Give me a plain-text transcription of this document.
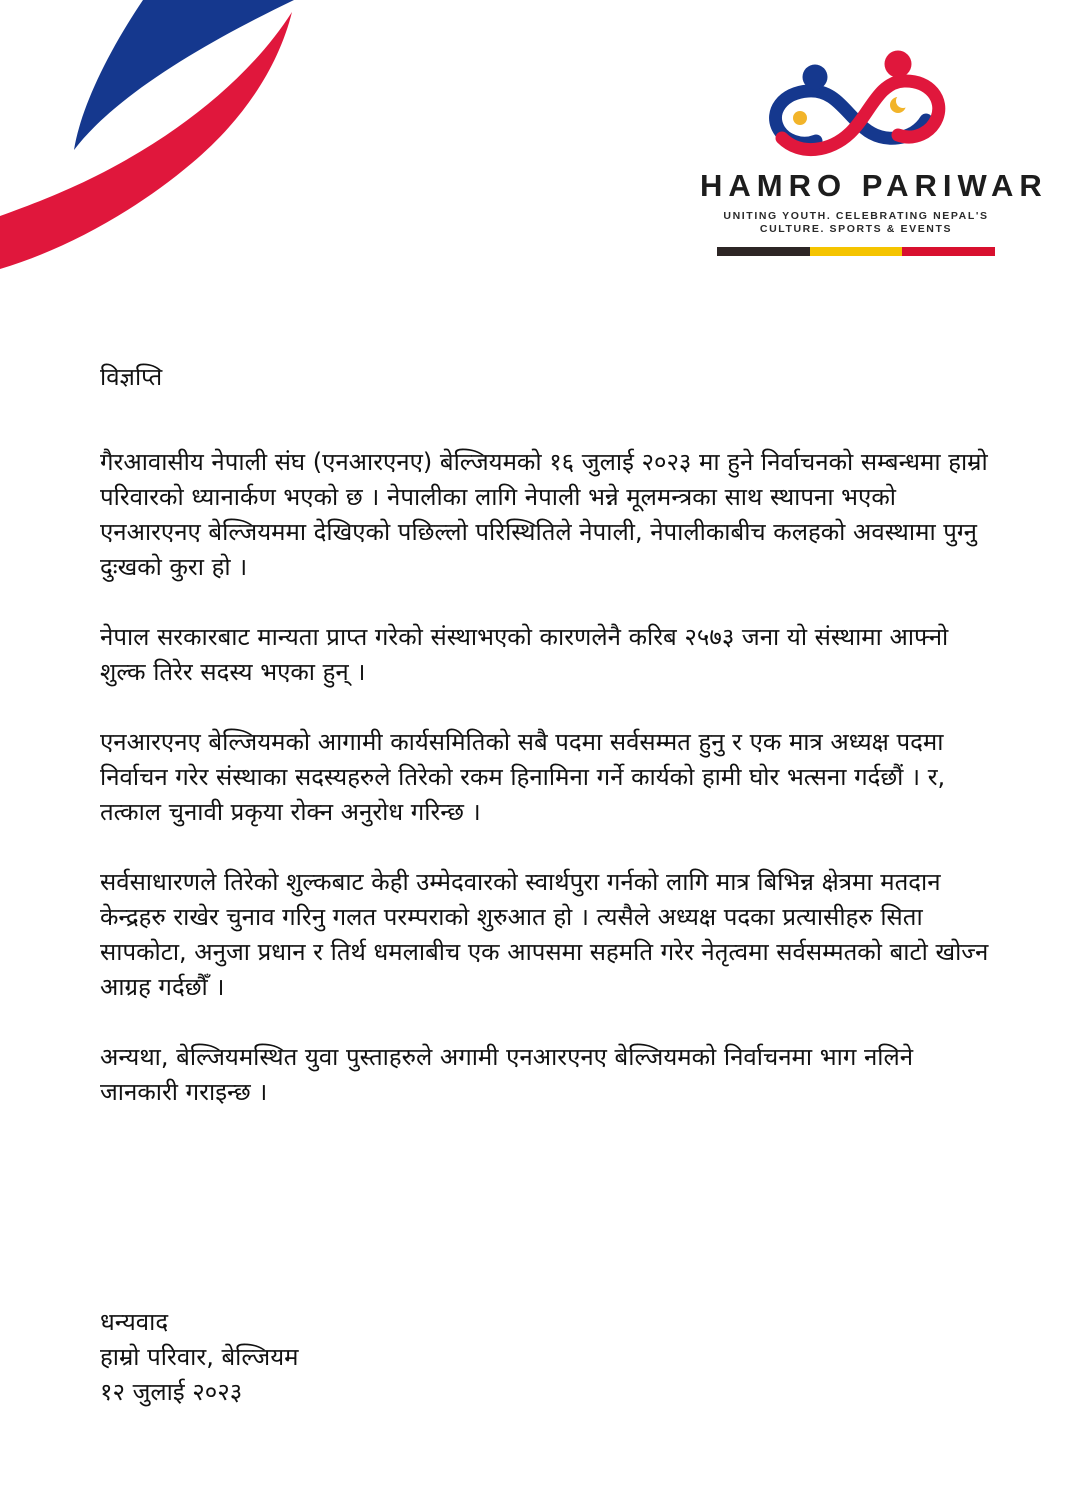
HAMRO PARIWAR
UNITING YOUTH. CELEBRATING NEPAL'S
CULTURE. SPORTS & EVENTS
विज्ञप्ति

गैरआवासीय नेपाली संघ (एनआरएनए) बेल्जियमको १६ जुलाई २०२३ मा हुने निर्वाचनको सम्बन्धमा हाम्रो परिवारको ध्यानार्कण भएको छ । नेपालीका लागि नेपाली भन्ने मूलमन्त्रका साथ स्थापना भएको एनआरएनए बेल्जियममा देखिएको पछिल्लो परिस्थितिले नेपाली, नेपालीकाबीच कलहको अवस्थामा पुग्नु दुःखको कुरा हो ।

नेपाल सरकारबाट मान्यता प्राप्त गरेको संस्थाभएको कारणलेनै करिब २५७३ जना यो संस्थामा आफ्नो शुल्क तिरेर सदस्य भएका हुन् ।

एनआरएनए बेल्जियमको आगामी कार्यसमितिको सबै पदमा सर्वसम्मत हुनु र एक मात्र अध्यक्ष पदमा निर्वाचन गरेर संस्थाका सदस्यहरुले तिरेको रकम हिनामिना गर्ने कार्यको हामी घोर भत्सना गर्दछौं । र, तत्काल चुनावी प्रकृया रोक्न अनुरोध गरिन्छ ।

सर्वसाधारणले तिरेको शुल्कबाट केही उम्मेदवारको स्वार्थपुरा गर्नको लागि मात्र बिभिन्न क्षेत्रमा मतदान केन्द्रहरु राखेर चुनाव गरिनु गलत परम्पराको शुरुआत हो । त्यसैले अध्यक्ष पदका प्रत्यासीहरु सिता सापकोटा, अनुजा प्रधान र तिर्थ धमलाबीच एक आपसमा सहमति गरेर नेतृत्वमा सर्वसम्मतको बाटो खोज्न आग्रह गर्दछौँ ।

अन्यथा, बेल्जियमस्थित युवा पुस्ताहरुले अगामी एनआरएनए बेल्जियमको निर्वाचनमा भाग नलिने जानकारी गराइन्छ ।

धन्यवाद
हाम्रो परिवार, बेल्जियम
१२ जुलाई २०२३
